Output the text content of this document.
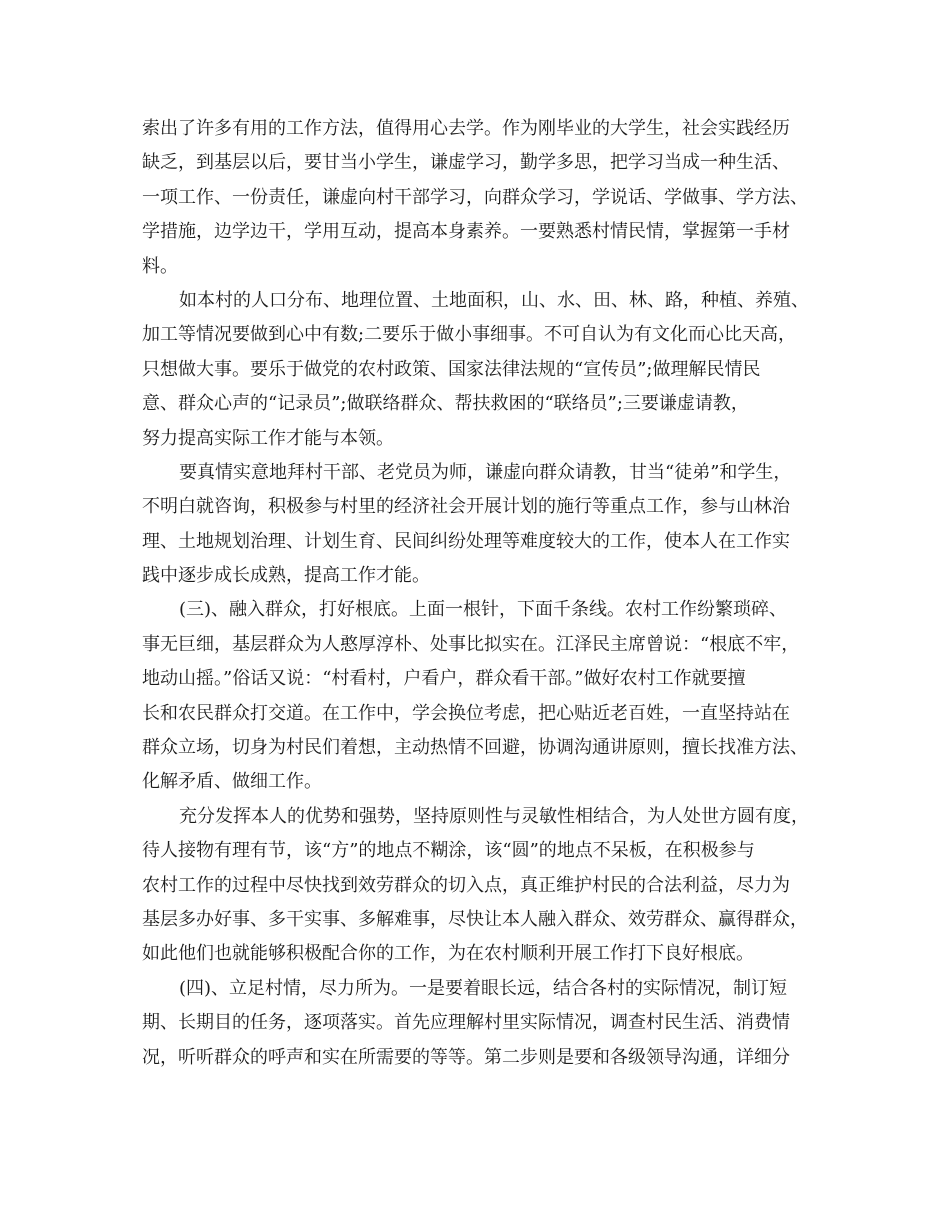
索出了许多有用的工作方法，值得用心去学。作为刚毕业的大学生，社会实践经历
缺乏，到基层以后，要甘当小学生，谦虚学习，勤学多思，把学习当成一种生活、
一项工作、一份责任，谦虚向村干部学习，向群众学习，学说话、学做事、学方法、
学措施，边学边干，学用互动，提高本身素养。一要熟悉村情民情，掌握第一手材
料。
如本村的人口分布、地理位置、土地面积，山、水、田、林、路，种植、养殖、
加工等情况要做到心中有数;二要乐于做小事细事。不可自认为有文化而心比天高，
只想做大事。要乐于做党的农村政策、国家法律法规的“宣传员”;做理解民情民
意、群众心声的“记录员”;做联络群众、帮扶救困的“联络员”;三要谦虚请教，
努力提高实际工作才能与本领。
要真情实意地拜村干部、老党员为师，谦虚向群众请教，甘当“徒弟”和学生，
不明白就咨询，积极参与村里的经济社会开展计划的施行等重点工作，参与山林治
理、土地规划治理、计划生育、民间纠纷处理等难度较大的工作，使本人在工作实
践中逐步成长成熟，提高工作才能。
(三)、融入群众，打好根底。上面一根针，下面千条线。农村工作纷繁琐碎、
事无巨细，基层群众为人憨厚淳朴、处事比拟实在。江泽民主席曾说：“根底不牢，
地动山摇。”俗话又说：“村看村，户看户，群众看干部。”做好农村工作就要擅
长和农民群众打交道。在工作中，学会换位考虑，把心贴近老百姓，一直坚持站在
群众立场，切身为村民们着想，主动热情不回避，协调沟通讲原则，擅长找准方法、
化解矛盾、做细工作。
充分发挥本人的优势和强势，坚持原则性与灵敏性相结合，为人处世方圆有度，
待人接物有理有节，该“方”的地点不糊涂，该“圆”的地点不呆板，在积极参与
农村工作的过程中尽快找到效劳群众的切入点，真正维护村民的合法利益，尽力为
基层多办好事、多干实事、多解难事，尽快让本人融入群众、效劳群众、赢得群众，
如此他们也就能够积极配合你的工作，为在农村顺利开展工作打下良好根底。
(四)、立足村情，尽力所为。一是要着眼长远，结合各村的实际情况，制订短
期、长期目的任务，逐项落实。首先应理解村里实际情况，调查村民生活、消费情
况，听听群众的呼声和实在所需要的等等。第二步则是要和各级领导沟通，详细分
